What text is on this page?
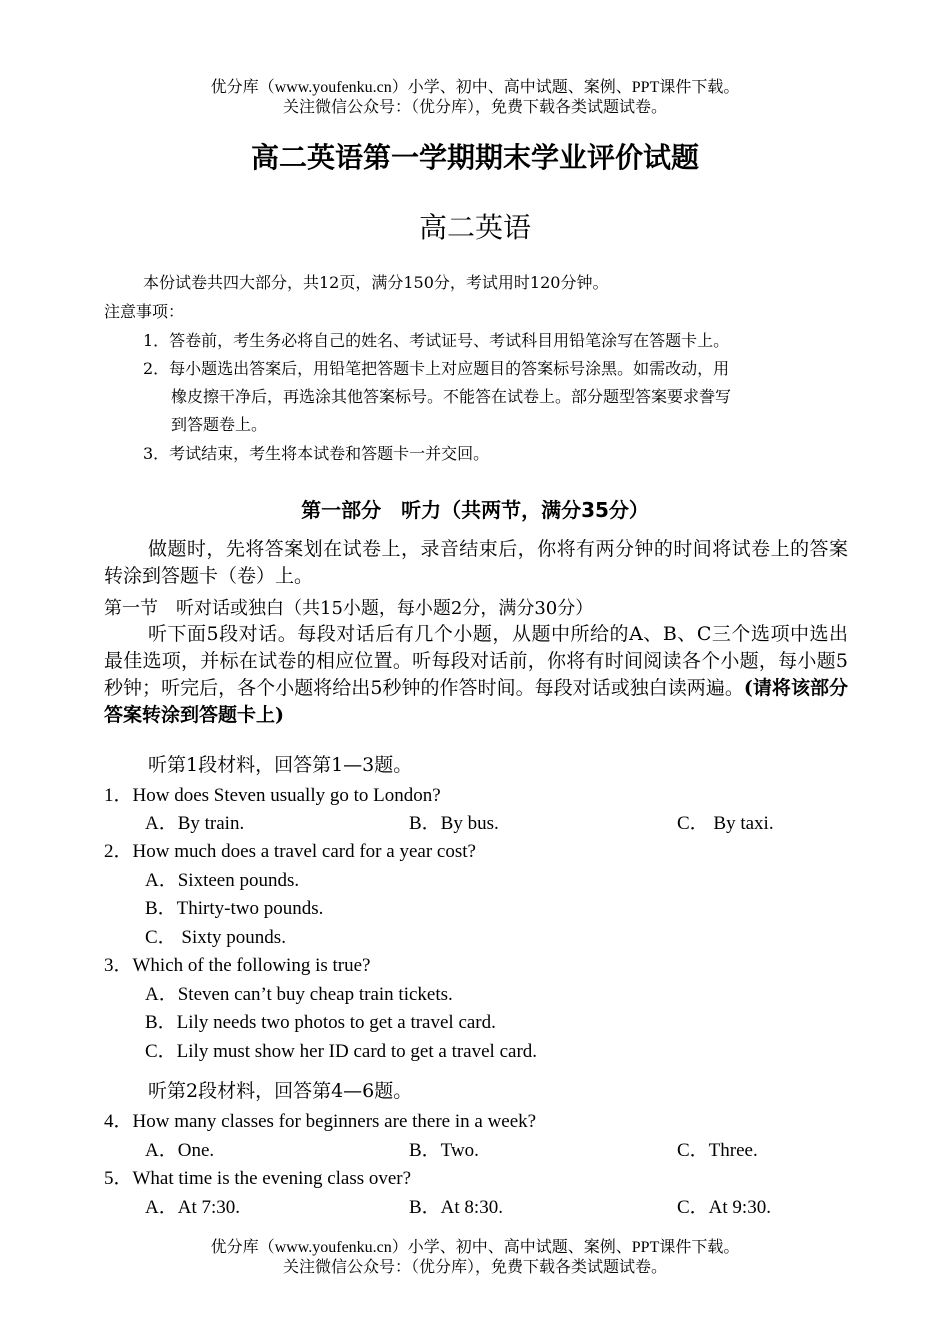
优分库（www.youfenku.cn）小学、初中、高中试题、案例、PPT课件下载。
关注微信公众号：（优分库），免费下载各类试题试卷。
高二英语第一学期期末学业评价试题
高二英语
本份试卷共四大部分，共12页，满分150分，考试用时120分钟。
注意事项：
1．答卷前，考生务必将自己的姓名、考试证号、考试科目用铅笔涂写在答题卡上。
2．每小题选出答案后，用铅笔把答题卡上对应题目的答案标号涂黑。如需改动，用
橡皮擦干净后，再选涂其他答案标号。不能答在试卷上。部分题型答案要求誊写
到答题卷上。
3．考试结束，考生将本试卷和答题卡一并交回。
第一部分　听力（共两节，满分35分）
做题时，先将答案划在试卷上，录音结束后，你将有两分钟的时间将试卷上的答案转涂到答题卡（卷）上。
第一节　听对话或独白（共15小题，每小题2分，满分30分）
听下面5段对话。每段对话后有几个小题，从题中所给的A、B、C三个选项中选出最佳选项，并标在试卷的相应位置。听每段对话前，你将有时间阅读各个小题，每小题5秒钟；听完后，各个小题将给出5秒钟的作答时间。每段对话或独白读两遍。(请将该部分答案转涂到答题卡上)
听第1段材料，回答第1—3题。
1．How does Steven usually go to London?
A．By train.	B．By bus.	C． By taxi.
2．How much does a travel card for a year cost?
A．Sixteen pounds.
B．Thirty-two pounds.
C． Sixty pounds.
3．Which of the following is true?
A．Steven can’t buy cheap train tickets.
B．Lily needs two photos to get a travel card.
C．Lily must show her ID card to get a travel card.
听第2段材料，回答第4—6题。
4．How many classes for beginners are there in a week?
A．One.	B．Two.	C．Three.
5．What time is the evening class over?
A．At 7:30.	B．At 8:30.	C．At 9:30.
优分库（www.youfenku.cn）小学、初中、高中试题、案例、PPT课件下载。
关注微信公众号：（优分库），免费下载各类试题试卷。
